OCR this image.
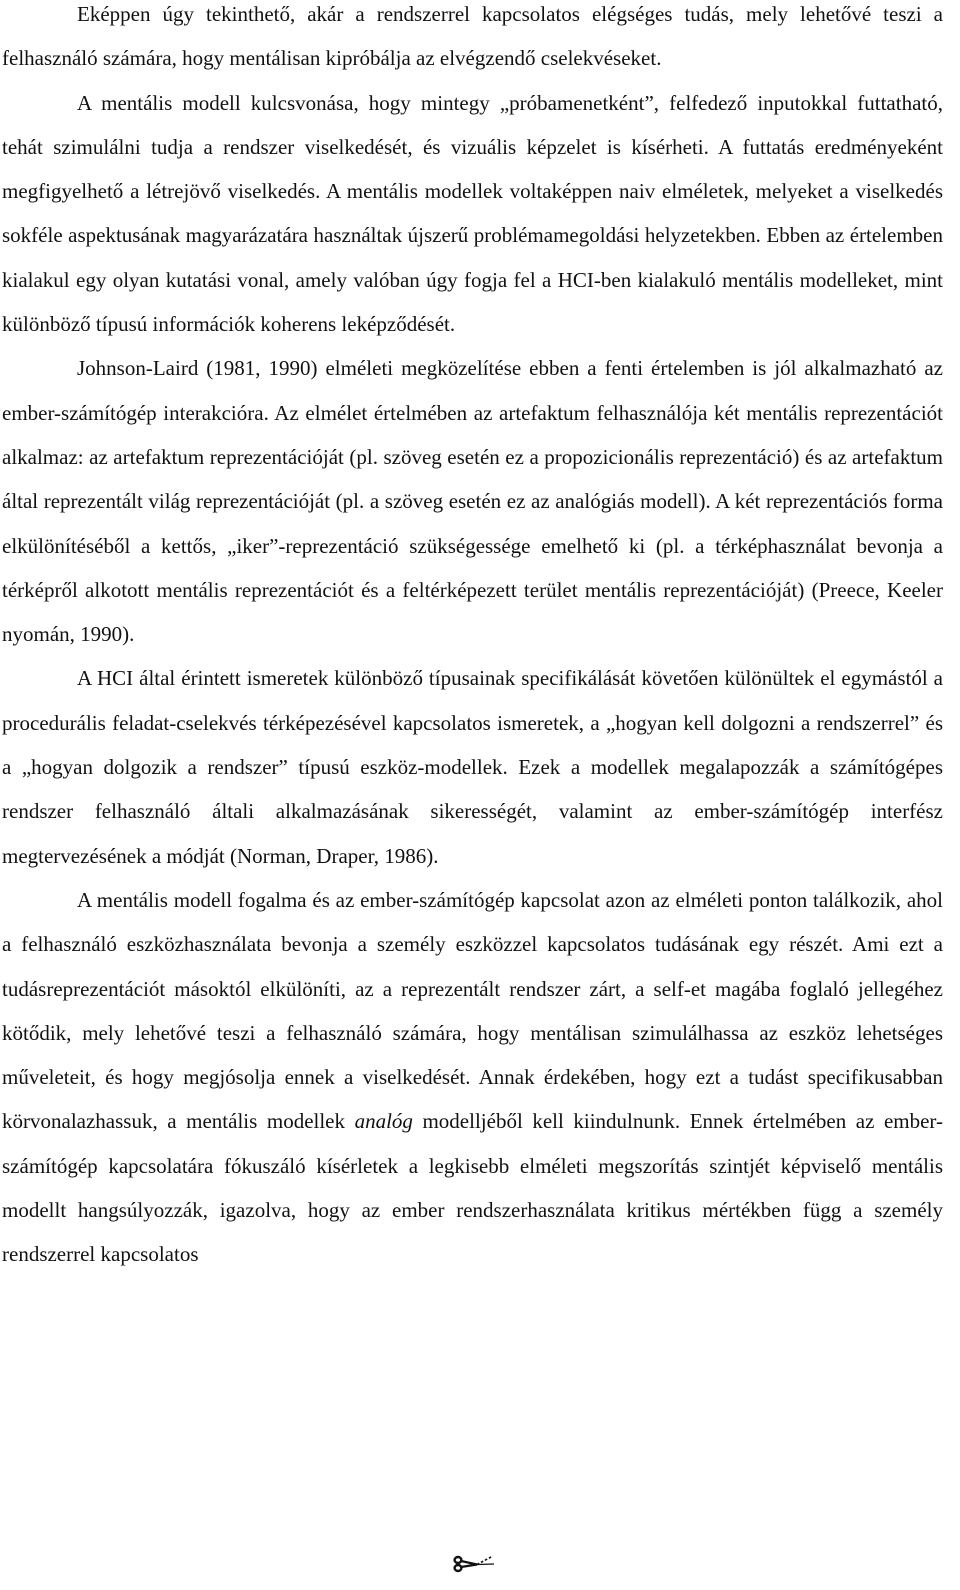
Eképpen úgy tekinthető, akár a rendszerrel kapcsolatos elégséges tudás, mely lehetővé teszi a felhasználó számára, hogy mentálisan kipróbálja az elvégzendő cselekvéseket.

A mentális modell kulcsvonása, hogy mintegy „próbamenetként”, felfedező inputokkal futtatható, tehát szimulálni tudja a rendszer viselkedését, és vizuális képzelet is kísérheti. A futtatás eredményeként megfigyelhető a létrejövő viselkedés. A mentális modellek voltaképpen naiv elméletek, melyeket a viselkedés sokféle aspektusának magyarázatára használtak újszerű problémamegoldási helyzetekben. Ebben az értelemben kialakul egy olyan kutatási vonal, amely valóban úgy fogja fel a HCI-ben kialakuló mentális modelleket, mint különböző típusú információk koherens leképződését.

Johnson-Laird (1981, 1990) elméleti megközelítése ebben a fenti értelemben is jól alkalmazható az ember-számítógép interakcióra. Az elmélet értelmében az artefaktum felhasználója két mentális reprezentációt alkalmaz: az artefaktum reprezentációját (pl. szöveg esetén ez a propozicionális reprezentáció) és az artefaktum által reprezentált világ reprezentációját (pl. a szöveg esetén ez az analógiás modell). A két reprezentációs forma elkülönítéséből a kettős, „iker”-reprezentáció szükségessége emelhető ki (pl. a térképhasználat bevonja a térképről alkotott mentális reprezentációt és a feltérképezett terület mentális reprezentációját) (Preece, Keeler nyomán, 1990).

A HCI által érintett ismeretek különböző típusainak specifikálását követően különültek el egymástól a procedurális feladat-cselekvés térképezésével kapcsolatos ismeretek, a „hogyan kell dolgozni a rendszerrel” és a „hogyan dolgozik a rendszer” típusú eszköz-modellek. Ezek a modellek megalapozzák a számítógépes rendszer felhasználó általi alkalmazásának sikerességét, valamint az ember-számítógép interfész megtervezésének a módját (Norman, Draper, 1986).

A mentális modell fogalma és az ember-számítógép kapcsolat azon az elméleti ponton találkozik, ahol a felhasználó eszközhasználata bevonja a személy eszközzel kapcsolatos tudásának egy részét. Ami ezt a tudásreprezentációt másoktól elkülöníti, az a reprezentált rendszer zárt, a self-et magába foglaló jellegéhez kötődik, mely lehetővé teszi a felhasználó számára, hogy mentálisan szimulálhassa az eszköz lehetséges műveleteit, és hogy megjósolja ennek a viselkedését. Annak érdekében, hogy ezt a tudást specifikusabban körvonalazhassuk, a mentális modellek analóg modelljéből kell kiindulnunk. Ennek értelmében az ember-számítógép kapcsolatára fókuszáló kísérletek a legkisebb elméleti megszorítás szintjét képviselő mentális modellt hangsúlyozzák, igazolva, hogy az ember rendszerhasználata kritikus mértékben függ a személy rendszerrel kapcsolatos
